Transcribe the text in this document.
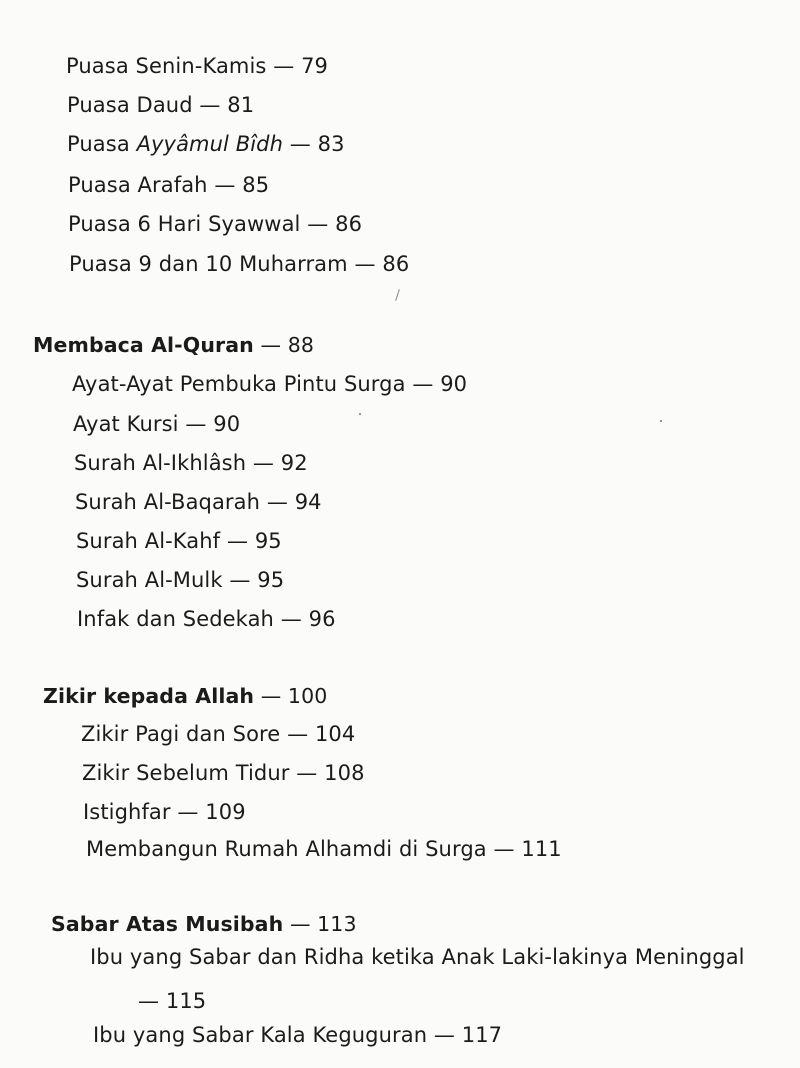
Puasa Senin-Kamis — 79
Puasa Daud — 81
Puasa Ayyâmul Bîdh — 83
Puasa Arafah — 85
Puasa 6 Hari Syawwal — 86
Puasa 9 dan 10 Muharram — 86
Membaca Al-Quran — 88
Ayat-Ayat Pembuka Pintu Surga — 90
Ayat Kursi — 90
Surah Al-Ikhlâsh — 92
Surah Al-Baqarah — 94
Surah Al-Kahf — 95
Surah Al-Mulk — 95
Infak dan Sedekah — 96
Zikir kepada Allah — 100
Zikir Pagi dan Sore — 104
Zikir Sebelum Tidur — 108
Istighfar — 109
Membangun Rumah Alhamdi di Surga — 111
Sabar Atas Musibah — 113
Ibu yang Sabar dan Ridha ketika Anak Laki-lakinya Meninggal
— 115
Ibu yang Sabar Kala Keguguran — 117
